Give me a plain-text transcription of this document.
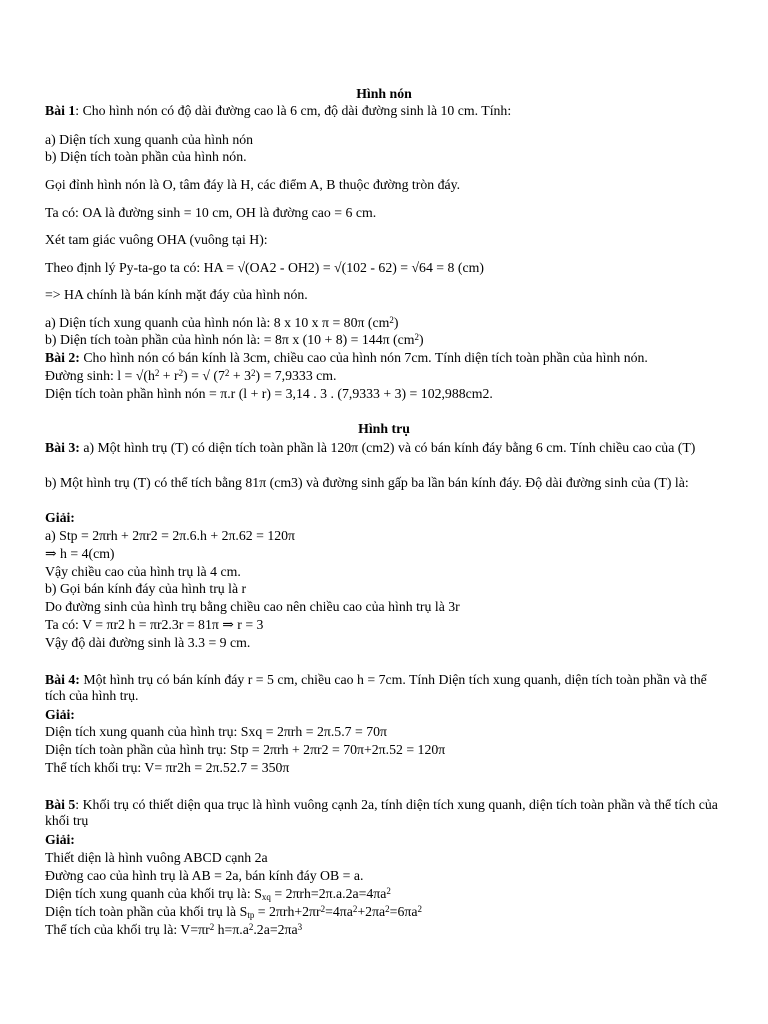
Hình nón
Bài 1: Cho hình nón có độ dài đường cao là 6 cm, độ dài đường sinh là 10 cm. Tính:
a) Diện tích xung quanh của hình nón
b) Diện tích toàn phần của hình nón.
Gọi đỉnh hình nón là O, tâm đáy là H, các điểm A, B thuộc đường tròn đáy.
Ta có: OA là đường sinh = 10 cm, OH là đường cao = 6 cm.
Xét tam giác vuông OHA (vuông tại H):
Theo định lý Py-ta-go ta có: HA = √(OA2 - OH2) = √(102 - 62) = √64 = 8 (cm)
=> HA chính là bán kính mặt đáy của hình nón.
a) Diện tích xung quanh của hình nón là: 8 x 10 x π = 80π $(cm^2)$
b) Diện tích toàn phần của hình nón là: = 8π x (10 + 8) = 144π $(cm^2)$
Bài 2: Cho hình nón có bán kính là 3cm, chiều cao của hình nón 7cm. Tính diện tích toàn phần của hình nón.
Đường sinh: $l = √(h^2 + r^2)$ = √ $(7^2 + 3^2) = 7,9333$ cm.
Diện tích toàn phần hình nón = π.r (l + r) = 3,14 . 3 . (7,9333 + 3) = 102,988cm2.
Hình trụ
Bài 3: a) Một hình trụ (T) có diện tích toàn phần là 120π (cm2) và có bán kính đáy bằng 6 cm. Tính chiều cao của (T)
b) Một hình trụ (T) có thể tích bằng 81π (cm3) và đường sinh gấp ba lần bán kính đáy. Độ dài đường sinh của (T) là:
Giải:
a) Stp = 2πrh + 2πr2 = 2π.6.h + 2π.62 = 120π
⇒ h = 4(cm)
Vậy chiều cao của hình trụ là 4 cm.
b) Gọi bán kính đáy của hình trụ là r
Do đường sinh của hình trụ bằng chiều cao nên chiều cao của hình trụ là 3r
Ta có: V = πr2 h = πr2.3r = 81π ⇒ r = 3
Vậy độ dài đường sinh là 3.3 = 9 cm.
Bài 4: Một hình trụ có bán kính đáy r = 5 cm, chiều cao h = 7cm. Tính Diện tích xung quanh, diện tích toàn phần và thể tích của hình trụ.
Giải:
Diện tích xung quanh của hình trụ: Sxq = 2πrh = 2π.5.7 = 70π
Diện tích toàn phần của hình trụ: Stp = 2πrh + 2πr2 = 70π+2π.52 = 120π
Thể tích khối trụ: V= πr2h = 2π.52.7 = 350π
Bài 5: Khối trụ có thiết diện qua trục là hình vuông cạnh 2a, tính diện tích xung quanh, diện tích toàn phần và thể tích của khối trụ
Giải:
Thiết diện là hình vuông ABCD cạnh 2a
Đường cao của hình trụ là AB = 2a, bán kính đáy OB = a.
Diện tích xung quanh của khối trụ là: $S_{xq} = 2\pi rh=2\pi.a.2a=4\pi a^2$
Diện tích toàn phần của khối trụ là $S_{tp} = 2\pi rh+2\pi r^2=4\pi a^2+2\pi a^2=6\pi a^2$
Thể tích của khối trụ là: $V=\pi r^2$ $h=\pi.a^2.2a=2\pi a^3$
